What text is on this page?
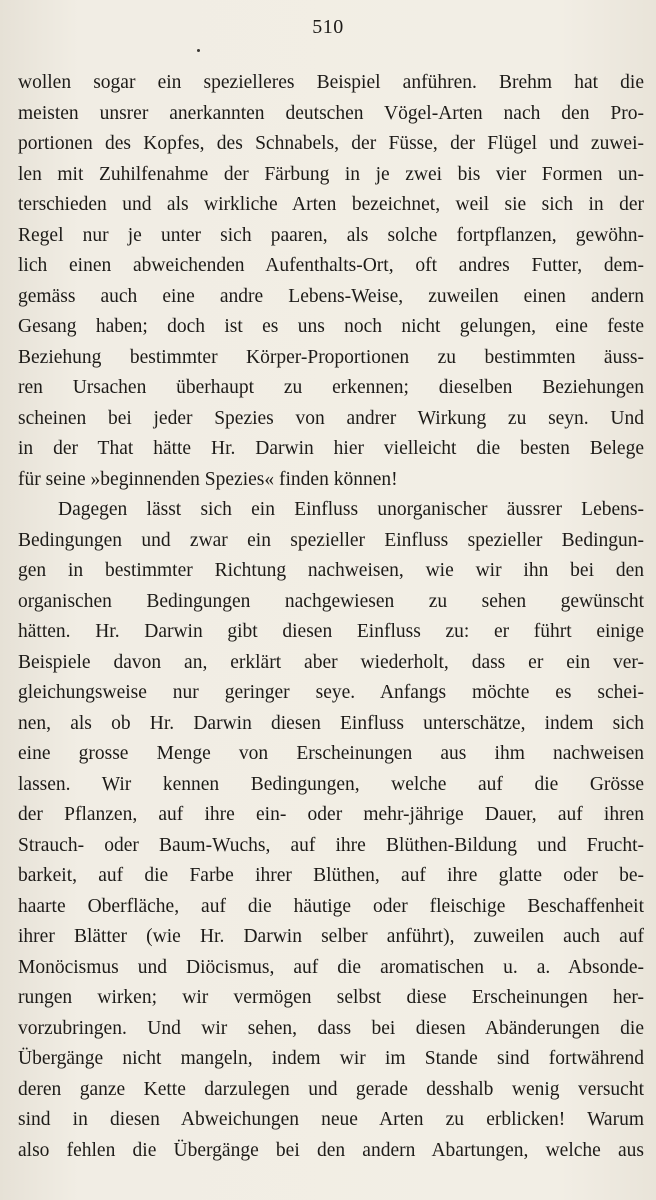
510
wollen sogar ein spezielleres Beispiel anführen. Brehm hat die
meisten unsrer anerkannten deutschen Vögel-Arten nach den Pro-
portionen des Kopfes, des Schnabels, der Füsse, der Flügel und zuwei-
len mit Zuhilfenahme der Färbung in je zwei bis vier Formen un-
terschieden und als wirkliche Arten bezeichnet, weil sie sich in der
Regel nur je unter sich paaren, als solche fortpflanzen, gewöhn-
lich einen abweichenden Aufenthalts-Ort, oft andres Futter, dem-
gemäss auch eine andre Lebens-Weise, zuweilen einen andern
Gesang haben; doch ist es uns noch nicht gelungen, eine feste
Beziehung bestimmter Körper-Proportionen zu bestimmten äuss-
ren Ursachen überhaupt zu erkennen; dieselben Beziehungen
scheinen bei jeder Spezies von andrer Wirkung zu seyn. Und
in der That hätte Hr. Darwin hier vielleicht die besten Belege
für seine »beginnenden Spezies« finden können!
Dagegen lässt sich ein Einfluss unorganischer äussrer Lebens-
Bedingungen und zwar ein spezieller Einfluss spezieller Bedingun-
gen in bestimmter Richtung nachweisen, wie wir ihn bei den
organischen Bedingungen nachgewiesen zu sehen gewünscht
hätten. Hr. Darwin gibt diesen Einfluss zu: er führt einige
Beispiele davon an, erklärt aber wiederholt, dass er ein ver-
gleichungsweise nur geringer seye. Anfangs möchte es schei-
nen, als ob Hr. Darwin diesen Einfluss unterschätze, indem sich
eine grosse Menge von Erscheinungen aus ihm nachweisen
lassen. Wir kennen Bedingungen, welche auf die Grösse
der Pflanzen, auf ihre ein- oder mehr-jährige Dauer, auf ihren
Strauch- oder Baum-Wuchs, auf ihre Blüthen-Bildung und Frucht-
barkeit, auf die Farbe ihrer Blüthen, auf ihre glatte oder be-
haarte Oberfläche, auf die häutige oder fleischige Beschaffenheit
ihrer Blätter (wie Hr. Darwin selber anführt), zuweilen auch auf
Monöcismus und Diöcismus, auf die aromatischen u. a. Absonde-
rungen wirken; wir vermögen selbst diese Erscheinungen her-
vorzubringen. Und wir sehen, dass bei diesen Abänderungen die
Übergänge nicht mangeln, indem wir im Stande sind fortwährend
deren ganze Kette darzulegen und gerade desshalb wenig versucht
sind in diesen Abweichungen neue Arten zu erblicken! Warum
also fehlen die Übergänge bei den andern Abartungen, welche aus
